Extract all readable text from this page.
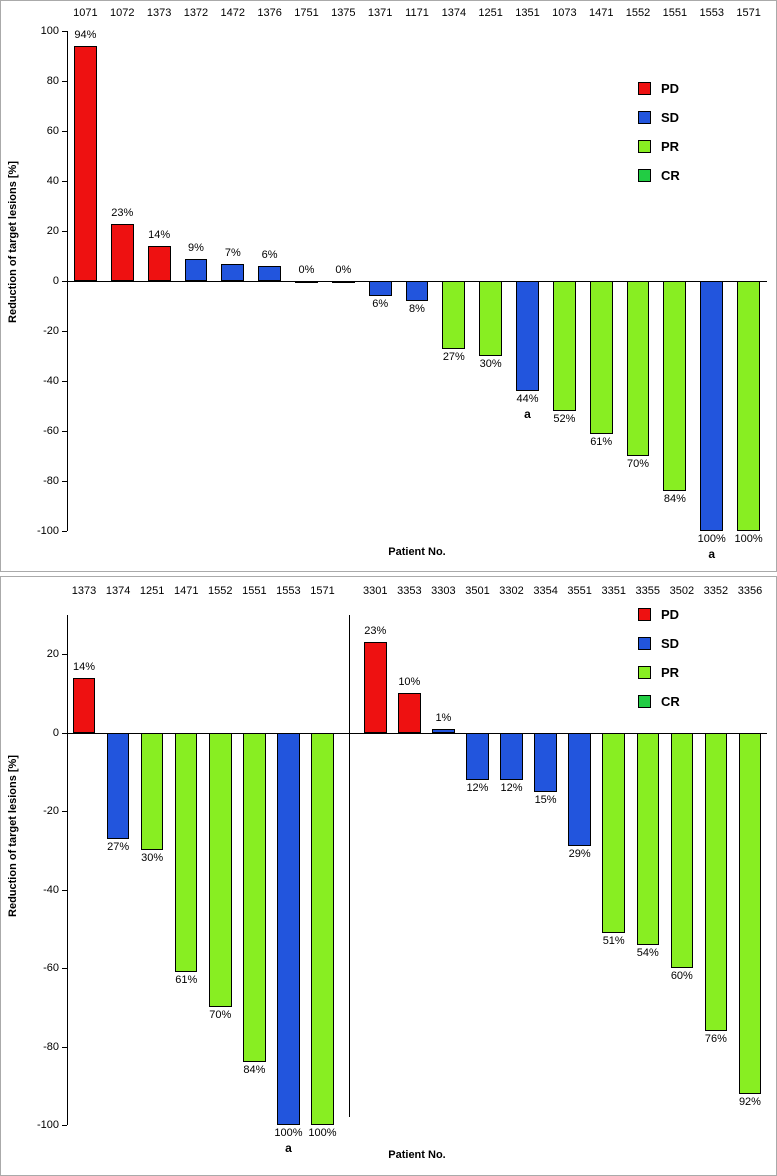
Reduction of target lesions [%]
100
80
60
40
20
0
-20
-40
-60
-80
-100
1071
94%
1072
23%
1373
14%
1372
9%
1472
7%
1376
6%
1751
0%
1375
0%
1371
6%
1171
8%
1374
27%
1251
30%
1351
44%
a
1073
52%
1471
61%
1552
70%
1551
84%
1553
100%
a
1571
100%
Patient No.
PD
SD
PR
CR
Reduction of target lesions [%]
20
0
-20
-40
-60
-80
-100
1373
14%
1374
27%
1251
30%
1471
61%
1552
70%
1551
84%
1553
100%
a
1571
100%
3301
23%
3353
10%
3303
1%
3501
12%
3302
12%
3354
15%
3551
29%
3351
51%
3355
54%
3502
60%
3352
76%
3356
92%
Patient No.
PD
SD
PR
CR
